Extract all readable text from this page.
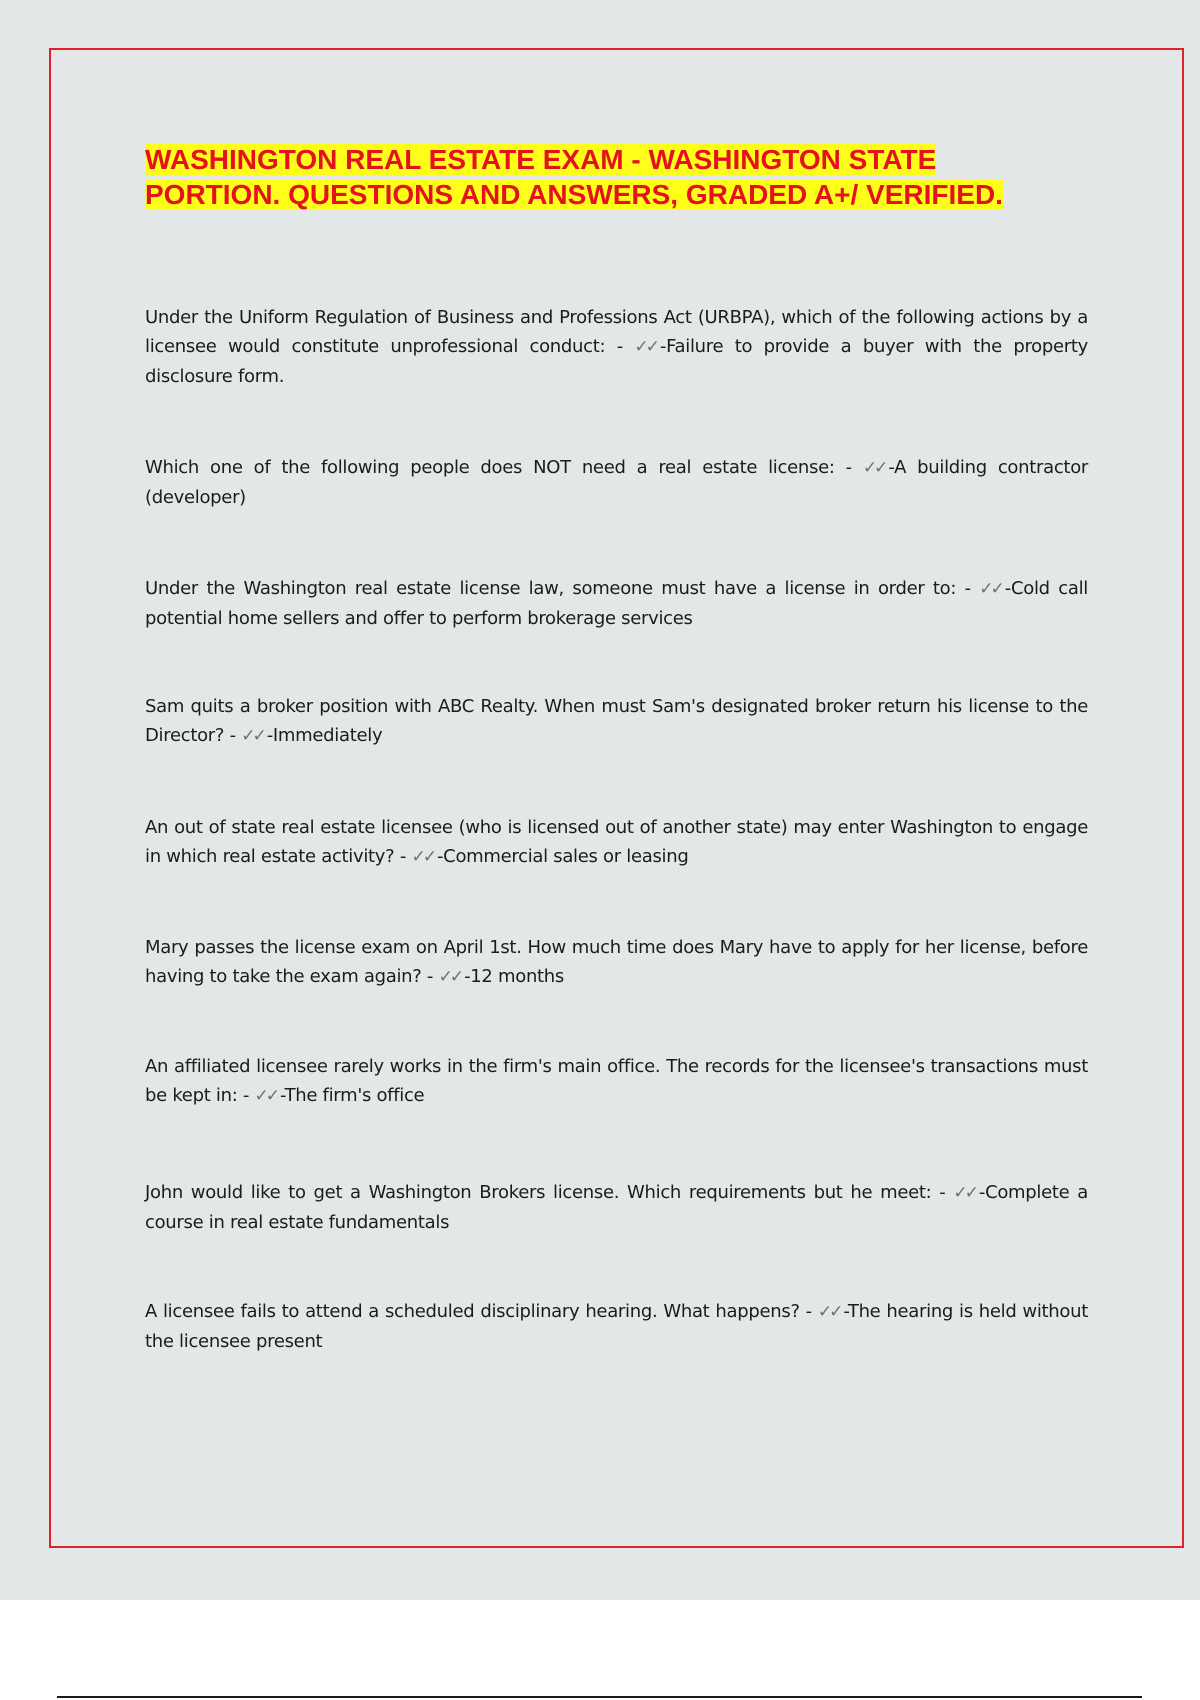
WASHINGTON REAL ESTATE EXAM - WASHINGTON STATE

PORTION. QUESTIONS AND ANSWERS, GRADED A+/ VERIFIED.

Under the Uniform Regulation of Business and Professions Act (URBPA), which of the following actions by a licensee would constitute unprofessional conduct: - ✓✓ -Failure to provide a buyer with the property disclosure form.

Which one of the following people does NOT need a real estate license: - ✓✓ -A building contractor (developer)

Under the Washington real estate license law, someone must have a license in order to: - ✓✓ -Cold call potential home sellers and offer to perform brokerage services

Sam quits a broker position with ABC Realty. When must Sam's designated broker return his license to the Director? - ✓✓ -Immediately

An out of state real estate licensee (who is licensed out of another state) may enter Washington to engage in which real estate activity? - ✓✓ -Commercial sales or leasing

Mary passes the license exam on April 1st. How much time does Mary have to apply for her license, before having to take the exam again? - ✓✓ -12 months

An affiliated licensee rarely works in the firm's main office. The records for the licensee's transactions must be kept in: - ✓✓ -The firm's office

John would like to get a Washington Brokers license. Which requirements but he meet: - ✓✓ -Complete a course in real estate fundamentals

A licensee fails to attend a scheduled disciplinary hearing. What happens? - ✓✓ -The hearing is held without the licensee present
